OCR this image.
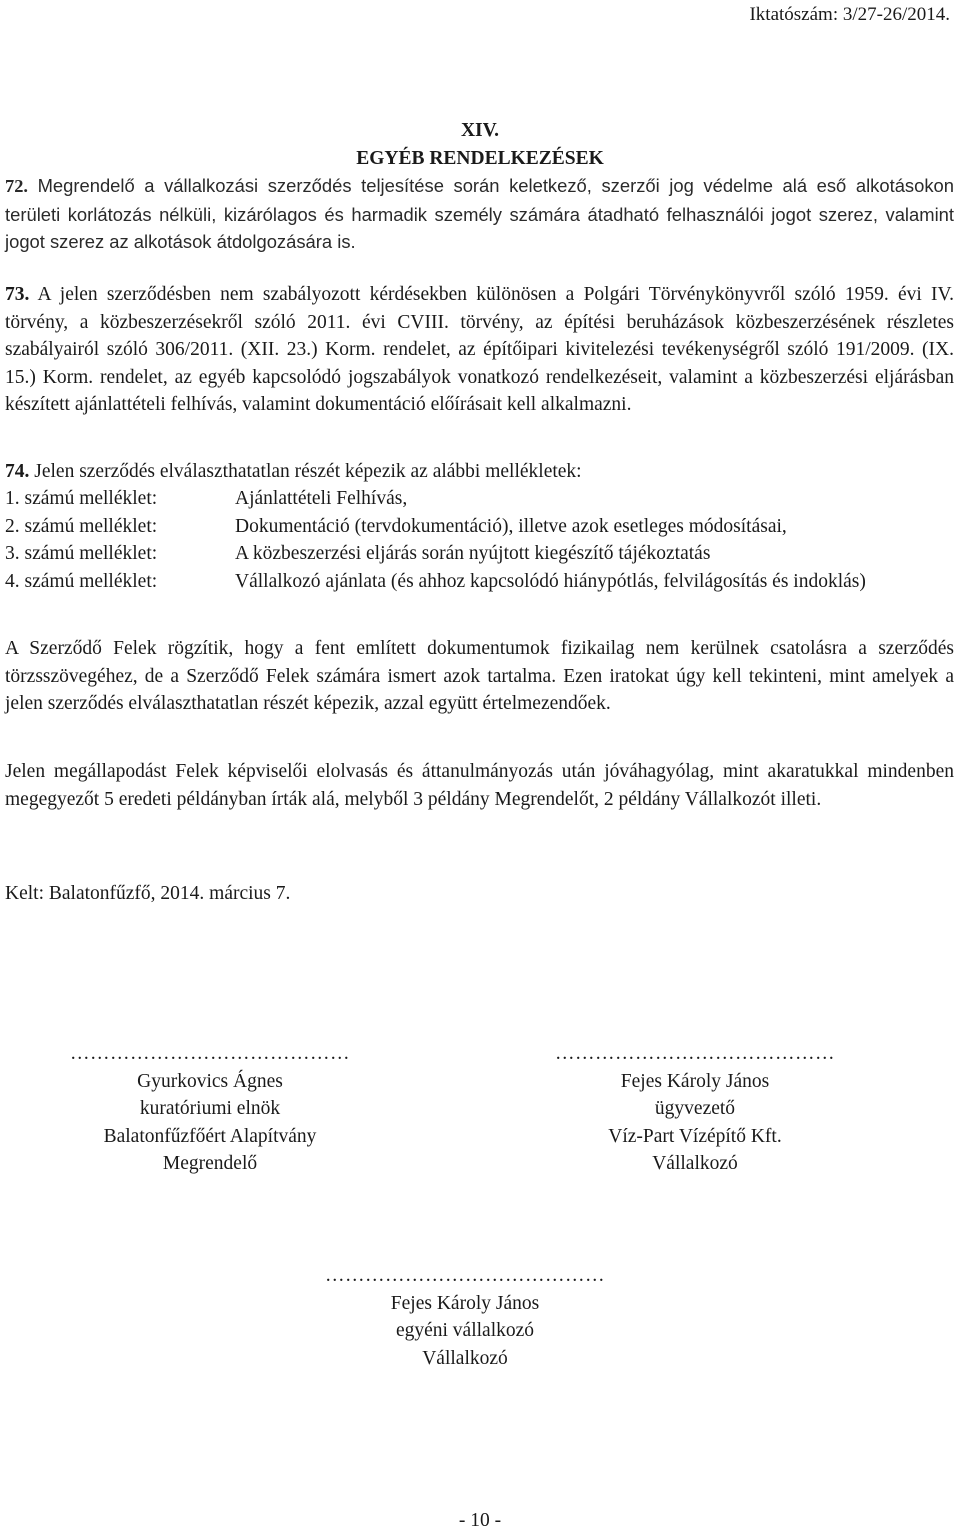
Iktatószám: 3/27-26/2014.
XIV.
EGYÉB RENDELKEZÉSEK
72. Megrendelő a vállalkozási szerződés teljesítése során keletkező, szerzői jog védelme alá eső alkotásokon területi korlátozás nélküli, kizárólagos és harmadik személy számára átadható felhasználói jogot szerez, valamint jogot szerez az alkotások átdolgozására is.
73. A jelen szerződésben nem szabályozott kérdésekben különösen a Polgári Törvénykönyvről szóló 1959. évi IV. törvény, a közbeszerzésekről szóló 2011. évi CVIII. törvény, az építési beruházások közbeszerzésének részletes szabályairól szóló 306/2011. (XII. 23.) Korm. rendelet, az építőipari kivitelezési tevékenységről szóló 191/2009. (IX. 15.) Korm. rendelet, az egyéb kapcsolódó jogszabályok vonatkozó rendelkezéseit, valamint a közbeszerzési eljárásban készített ajánlattételi felhívás, valamint dokumentáció előírásait kell alkalmazni.
74. Jelen szerződés elválaszthatatlan részét képezik az alábbi mellékletek:
1. számú melléklet:	Ajánlattételi Felhívás,
2. számú melléklet:	Dokumentáció (tervdokumentáció), illetve azok esetleges módosításai,
3. számú melléklet:	A közbeszerzési eljárás során nyújtott kiegészítő tájékoztatás
4. számú melléklet:	Vállalkozó ajánlata (és ahhoz kapcsolódó hiánypótlás, felvilágosítás és indoklás)
A Szerződő Felek rögzítik, hogy a fent említett dokumentumok fizikailag nem kerülnek csatolásra a szerződés törzsszövegéhez, de a Szerződő Felek számára ismert azok tartalma. Ezen iratokat úgy kell tekinteni, mint amelyek a jelen szerződés elválaszthatatlan részét képezik, azzal együtt értelmezendőek.
Jelen megállapodást Felek képviselői elolvasás és áttanulmányozás után jóváhagyólag, mint akaratukkal mindenben megegyezőt 5 eredeti példányban írták alá, melyből 3 példány Megrendelőt, 2 példány Vállalkozót illeti.
Kelt: Balatonfűzfő, 2014. március 7.
……………………………………
Gyurkovics Ágnes
kuratóriumi elnök
Balatonfűzfőért Alapítvány
Megrendelő
……………………………………
Fejes Károly János
ügyvezető
Víz-Part Vízépítő Kft.
Vállalkozó
……………………………………
Fejes Károly János
egyéni vállalkozó
Vállalkozó
- 10 -
